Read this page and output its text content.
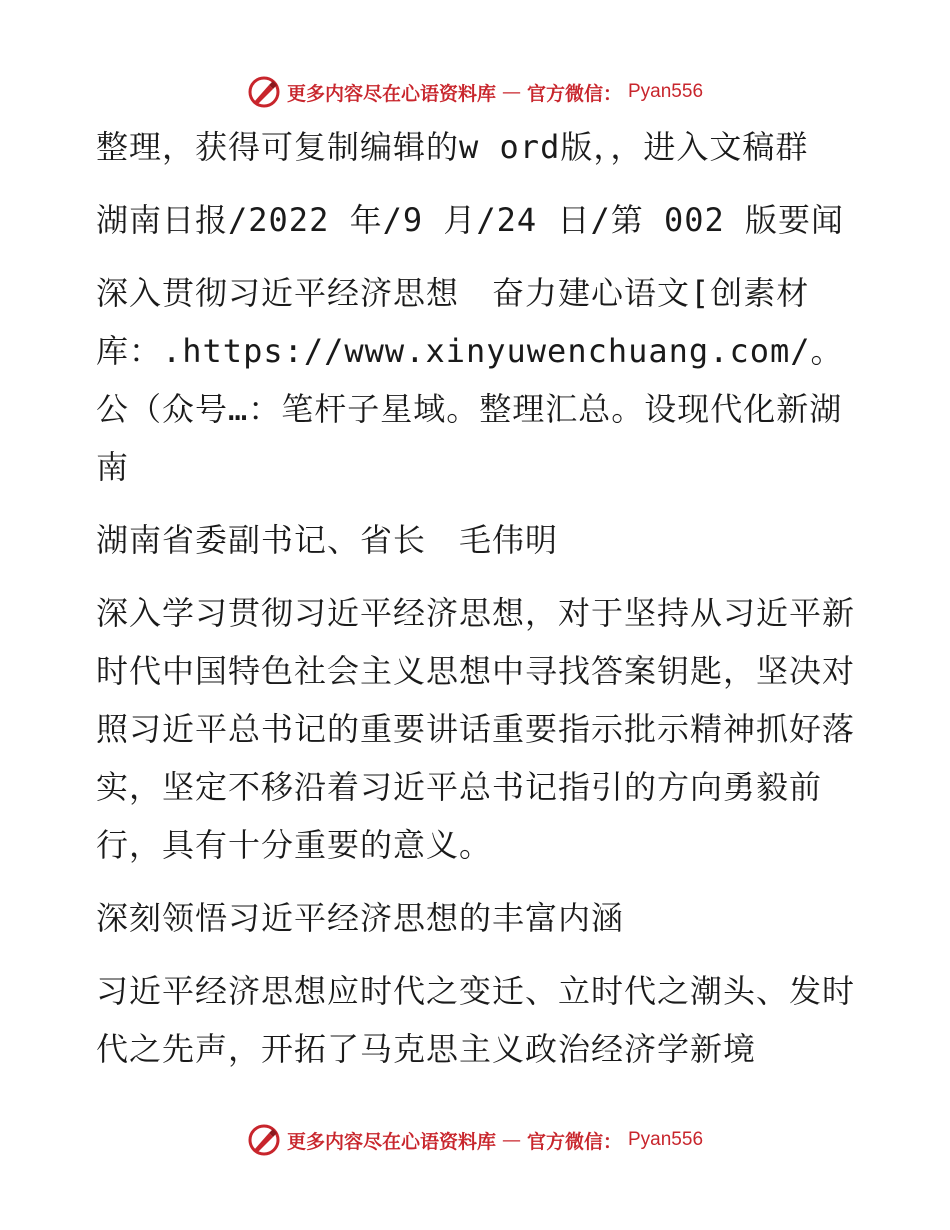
更多内容尽在心语资料库 — 官方微信： Pyan556

整理，获得可复制编辑的w ord版，，进入文稿群

湖南日报/2022 年/9 月/24 日/第 002 版要闻

深入贯彻习近平经济思想　奋力建心语文[创素材库：.https://www.xinyuwenchuang.com/。公（众号…：笔杆子星域。整理汇总。设现代化新湖南

湖南省委副书记、省长　毛伟明

深入学习贯彻习近平经济思想，对于坚持从习近平新时代中国特色社会主义思想中寻找答案钥匙，坚决对照习近平总书记的重要讲话重要指示批示精神抓好落实，坚定不移沿着习近平总书记指引的方向勇毅前行，具有十分重要的意义。

深刻领悟习近平经济思想的丰富内涵

习近平经济思想应时代之变迁、立时代之潮头、发时代之先声，开拓了马克思主义政治经济学新境

更多内容尽在心语资料库 — 官方微信： Pyan556
